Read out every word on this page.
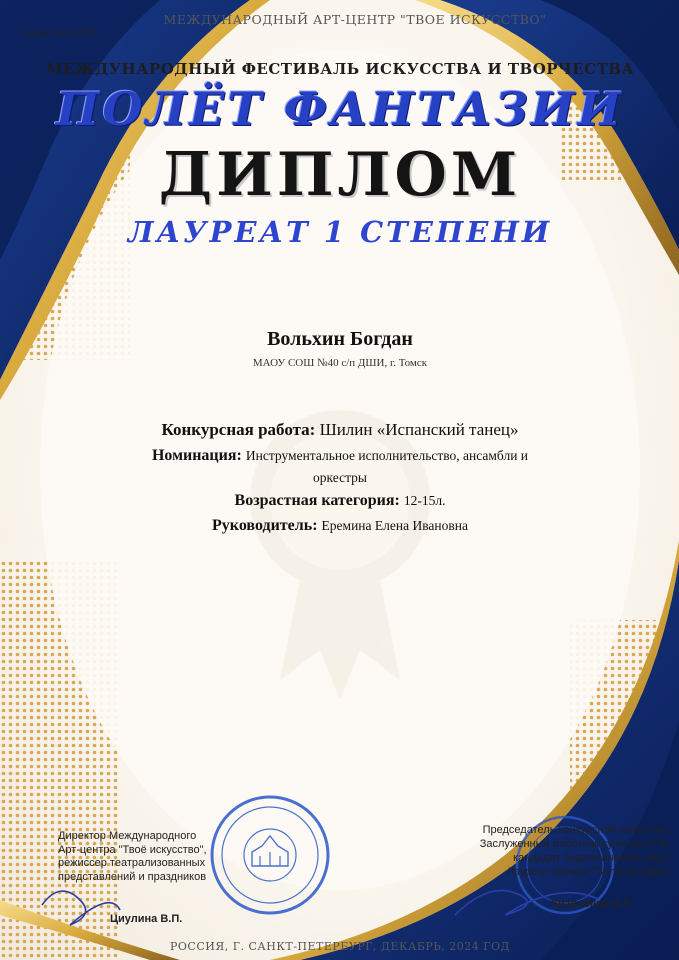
Серия № 81053
МЕЖДУНАРОДНЫЙ АРТ-ЦЕНТР "ТВОЕ ИСКУССТВО"
МЕЖДУНАРОДНЫЙ ФЕСТИВАЛЬ ИСКУССТВА И ТВОРЧЕСТВА
ПОЛЁТ ФАНТАЗИИ
ДИПЛОМ
ЛАУРЕАТ 1 СТЕПЕНИ
Вольхин Богдан
МАОУ СОШ №40 с/п ДШИ, г. Томск
Конкурсная работа: Шилин «Испанский танец»
Номинация: Инструментальное исполнительство, ансамбли и
оркестры
Возрастная категория: 12-15л.
Руководитель: Еремина Елена Ивановна
Директор Международного
Арт-центра "Твоё искусство",
режиссер театрализованных
представлений и праздников
Циулина В.П.
Председатель конкурсной комиссии,
Заслуженный работник культуры РФ,
кандидат педагогических наук,
Лауреат премии "Золотая идея"
Кравченко Н.Л.
РОССИЯ, Г. САНКТ-ПЕТЕРБУРГ, ДЕКАБРЬ, 2024 ГОД
